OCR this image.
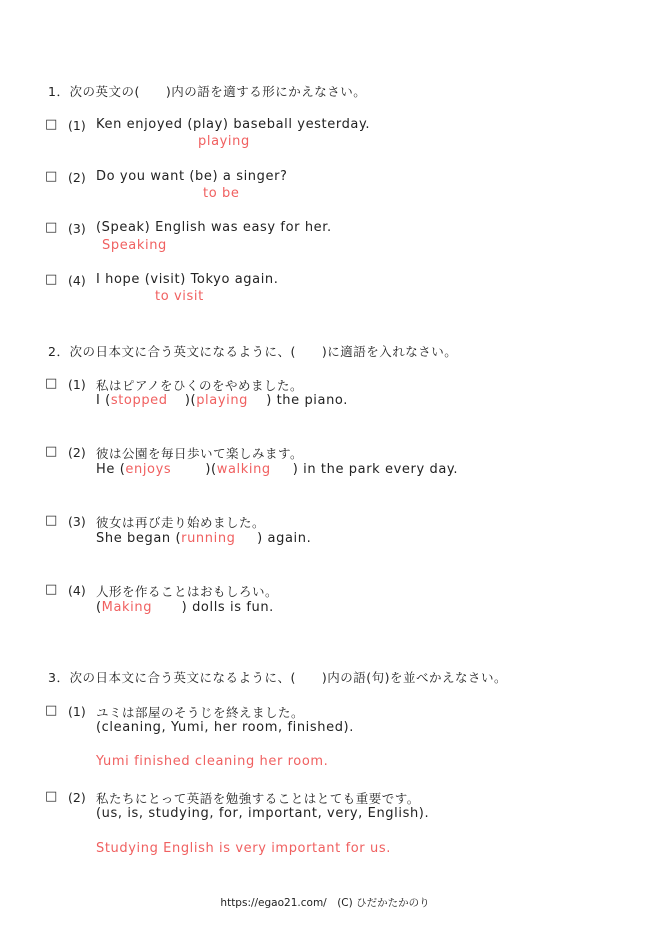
1．次の英文の(　　)内の語を適する形にかえなさい。
□ (1) Ken enjoyed (play) baseball yesterday.
playing
□ (2) Do you want (be) a singer?
to be
□ (3) (Speak) English was easy for her.
Speaking
□ (4) I hope (visit) Tokyo again.
to visit
2．次の日本文に合う英文になるように、(　　)に適語を入れなさい。
□ (1) 私はピアノをひくのをやめました。
I (stopped )(playing ) the piano.
□ (2) 彼は公園を毎日歩いて楽しみます。
He (enjoys	)(walking ) in the park every day.
□ (3) 彼女は再び走り始めました。
She began (running ) again.
□ (4) 人形を作ることはおもしろい。
(Making ) dolls is fun.
3．次の日本文に合う英文になるように、(　　)内の語(句)を並べかえなさい。
□ (1) ユミは部屋のそうじを終えました。
(cleaning, Yumi, her room, finished).
Yumi finished cleaning her room.
□ (2) 私たちにとって英語を勉強することはとても重要です。
(us, is, studying, for, important, very, English).
Studying English is very important for us.
https://egao21.com/　(C) ひだかたかのり
